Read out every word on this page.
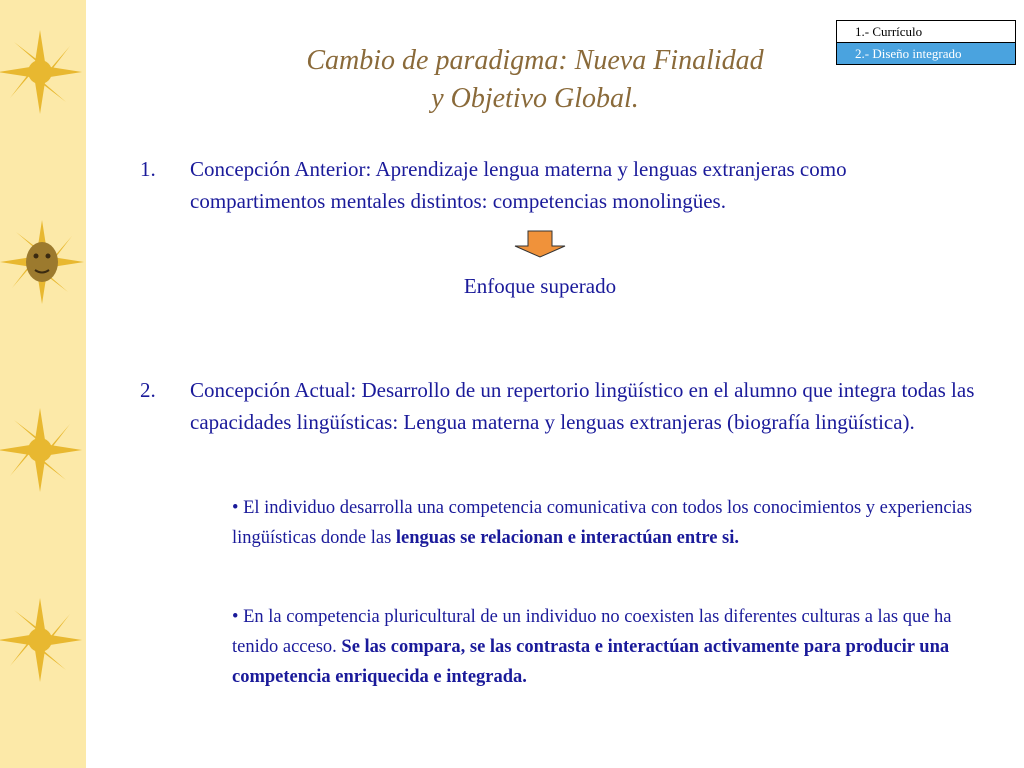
1.- Currículo
2.- Diseño integrado
Cambio de paradigma: Nueva Finalidad
y Objetivo Global.
1.	Concepción Anterior: Aprendizaje lengua materna y lenguas extranjeras como compartimentos mentales distintos: competencias monolingües.
Enfoque superado
2.	Concepción Actual: Desarrollo de un repertorio lingüístico en el alumno que integra todas las capacidades lingüísticas: Lengua materna y lenguas extranjeras (biografía lingüística).
• El individuo desarrolla una competencia comunicativa con todos los conocimientos y experiencias lingüísticas donde las lenguas se relacionan e interactúan entre si.
• En la competencia pluricultural de un individuo no coexisten las diferentes culturas a las que ha tenido acceso. Se las compara, se las contrasta e interactúan activamente para producir una competencia enriquecida e integrada.
